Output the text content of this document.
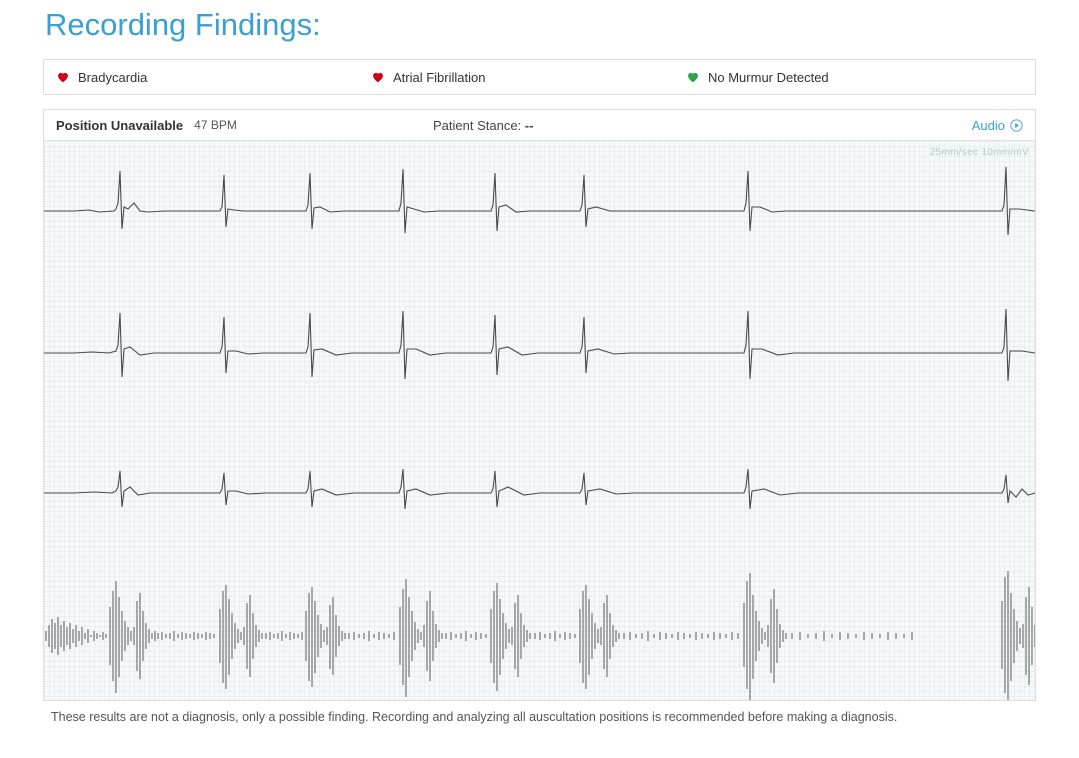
Recording Findings:
Bradycardia	Atrial Fibrillation	No Murmur Detected
Position Unavailable 47 BPM	Patient Stance: --	Audio
25mm/sec 10mm/mV
These results are not a diagnosis, only a possible finding. Recording and analyzing all auscultation positions is recommended before making a diagnosis.
